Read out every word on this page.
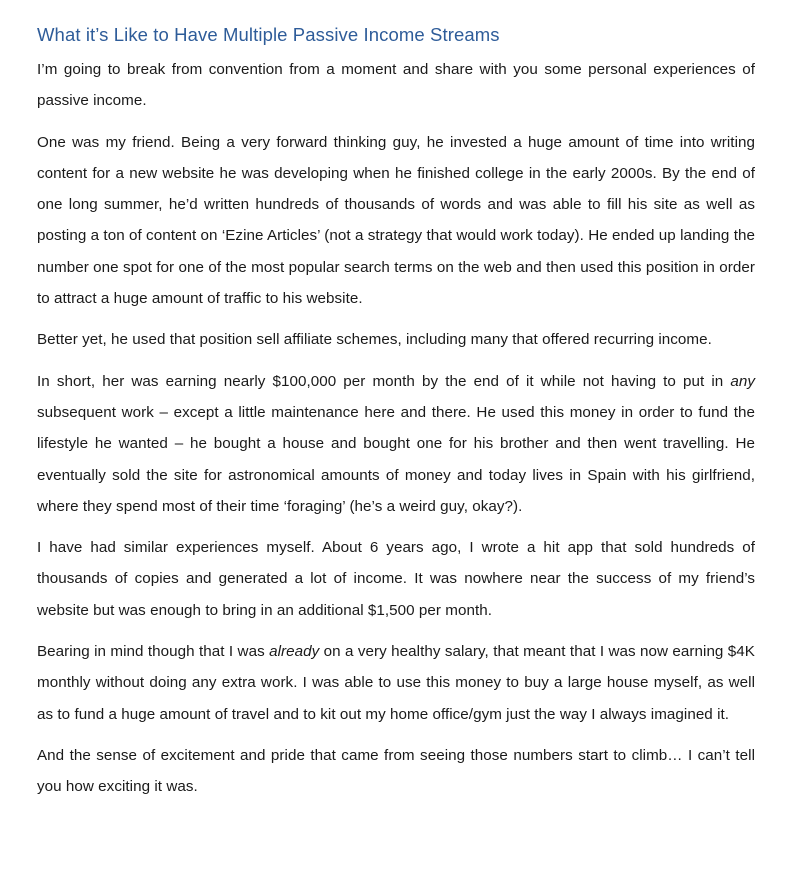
What it’s Like to Have Multiple Passive Income Streams

I’m going to break from convention from a moment and share with you some personal experiences of passive income.

One was my friend. Being a very forward thinking guy, he invested a huge amount of time into writing content for a new website he was developing when he finished college in the early 2000s. By the end of one long summer, he’d written hundreds of thousands of words and was able to fill his site as well as posting a ton of content on ‘Ezine Articles’ (not a strategy that would work today). He ended up landing the number one spot for one of the most popular search terms on the web and then used this position in order to attract a huge amount of traffic to his website.

Better yet, he used that position sell affiliate schemes, including many that offered recurring income.

In short, her was earning nearly $100,000 per month by the end of it while not having to put in any subsequent work – except a little maintenance here and there. He used this money in order to fund the lifestyle he wanted – he bought a house and bought one for his brother and then went travelling. He eventually sold the site for astronomical amounts of money and today lives in Spain with his girlfriend, where they spend most of their time ‘foraging’ (he’s a weird guy, okay?).

I have had similar experiences myself. About 6 years ago, I wrote a hit app that sold hundreds of thousands of copies and generated a lot of income. It was nowhere near the success of my friend’s website but was enough to bring in an additional $1,500 per month.

Bearing in mind though that I was already on a very healthy salary, that meant that I was now earning $4K monthly without doing any extra work. I was able to use this money to buy a large house myself, as well as to fund a huge amount of travel and to kit out my home office/gym just the way I always imagined it.

And the sense of excitement and pride that came from seeing those numbers start to climb… I can’t tell you how exciting it was.
